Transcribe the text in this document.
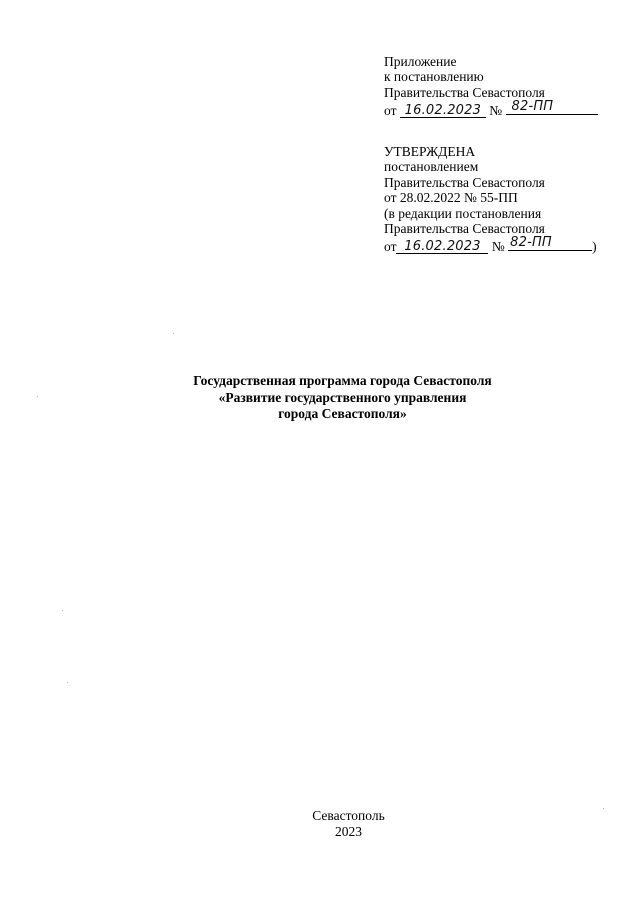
Приложение
к постановлению
Правительства Севастополя
от 16.02.2023 № 82-ПП
УТВЕРЖДЕНА
постановлением
Правительства Севастополя
от 28.02.2022 № 55-ПП
(в редакции постановления
Правительства Севастополя
от 16.02.2023 № 82-ПП	)
Государственная программа города Севастополя
«Развитие государственного управления
города Севастополя»
Севастополь
2023
